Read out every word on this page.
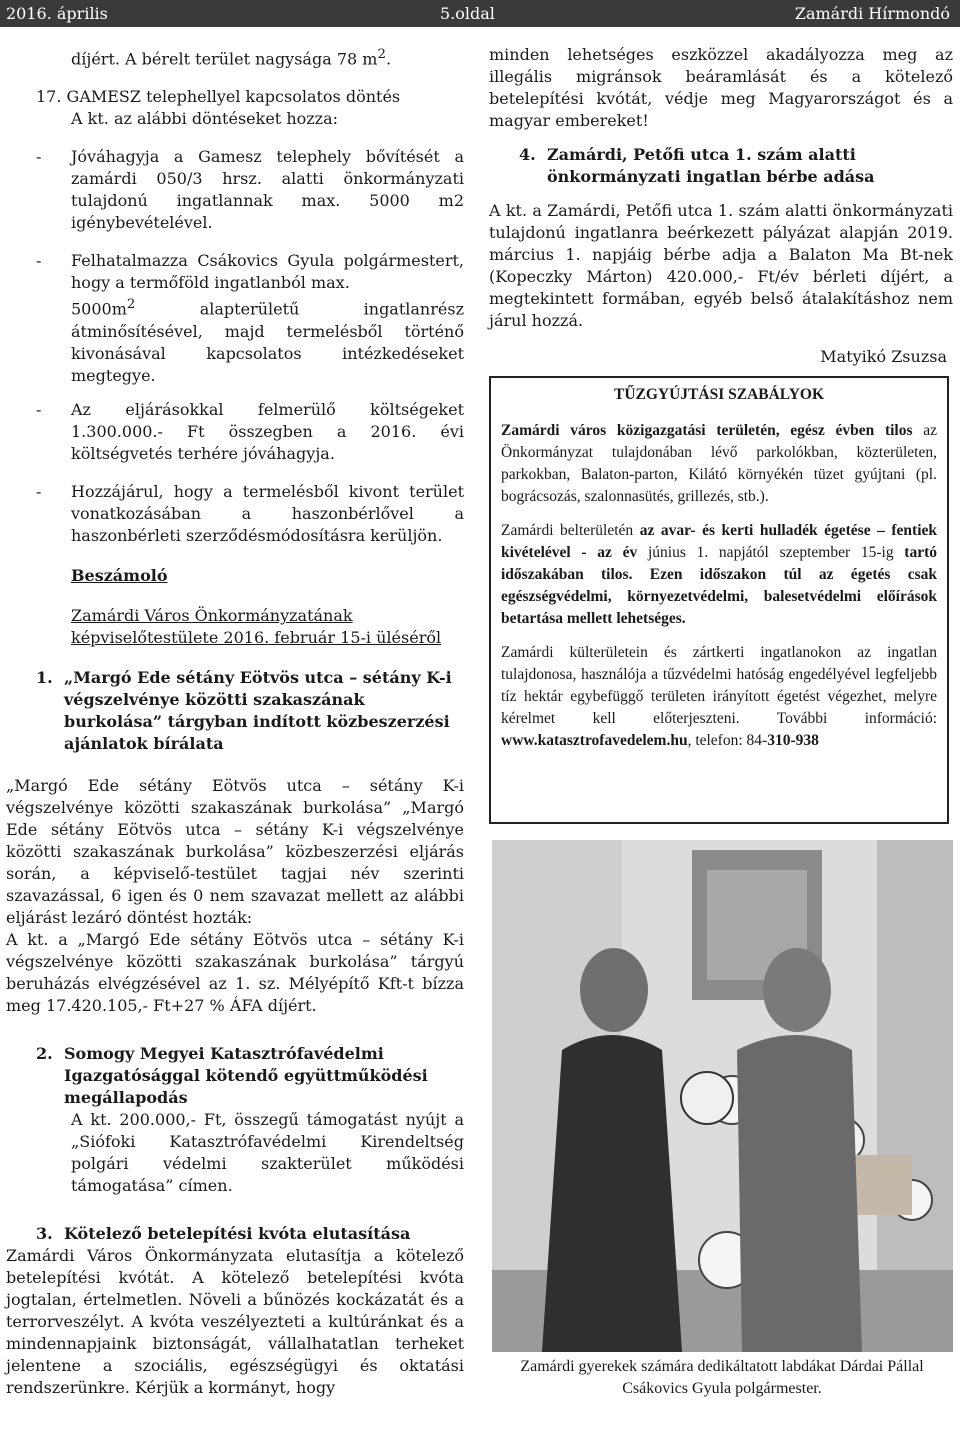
2016. április	5.oldal	Zamárdi Hírmondó

díjért. A bérelt terület nagysága 78 $m^2$.

17. GAMESZ telephellyel kapcsolatos döntés

A kt. az alábbi döntéseket hozza:

- Jóváhagyja a Gamesz telephely bővítését a zamárdi 050/3 hrsz. alatti önkormányzati tulajdonú ingatlannak max. 5000 m2 igénybevételével.
- Felhatalmazza Csákovics Gyula polgármestert, hogy a termőföld ingatlanból max.

$5000m^2$ alapterületű ingatlanrész átminősítésével, majd termelésből történő kivonásával kapcsolatos intézkedéseket megtegye.

- Az eljárásokkal felmerülő költségeket 1.300.000.- Ft összegben a 2016. évi költségvetés terhére jóváhagyja.
- Hozzájárul, hogy a termelésből kivont terület vonatkozásában a haszonbérlővel a haszonbérleti szerződésmódosításra kerüljön.

Beszámoló

Zamárdi Város Önkormányzatának képviselőtestülete 2016. február 15-i üléséről

1. „Margó Ede sétány Eötvös utca – sétány K-i végszelvénye közötti szakaszának burkolása” tárgyban indított közbeszerzési ajánlatok bírálata

„Margó Ede sétány Eötvös utca – sétány K-i végszelvénye közötti szakaszának burkolása” „Margó Ede sétány Eötvös utca – sétány K-i végszelvénye közötti szakaszának burkolása” közbeszerzési eljárás során, a képviselő-testület tagjai név szerinti szavazással, 6 igen és 0 nem szavazat mellett az alábbi eljárást lezáró döntést hozták:

A kt. a „Margó Ede sétány Eötvös utca – sétány K-i végszelvénye közötti szakaszának burkolása” tárgyú beruházás elvégzésével az 1. sz. Mélyépítő Kft-t bízza meg 17.420.105,- Ft+27 % ÁFA díjért.

2. Somogy Megyei Katasztrófavédelmi Igazgatósággal kötendő együttműködési megállapodás

A kt. 200.000,- Ft, összegű támogatást nyújt a „Siófoki Katasztrófavédelmi Kirendeltség polgári védelmi szakterület működési támogatása” címen.

3. Kötelező betelepítési kvóta elutasítása

Zamárdi Város Önkormányzata elutasítja a kötelező betelepítési kvótát. A kötelező betelepítési kvóta jogtalan, értelmetlen. Növeli a bűnözés kockázatát és a terrorveszélyt. A kvóta veszélyezteti a kultúránkat és a mindennapjaink biztonságát, vállalhatatlan terheket jelentene a szociális, egészségügyi és oktatási rendszerünkre. Kérjük a kormányt, hogy

minden lehetséges eszközzel akadályozza meg az illegális migránsok beáramlását és a kötelező betelepítési kvótát, védje meg Magyarországot és a magyar embereket!

4. Zamárdi, Petőfi utca 1. szám alatti önkormányzati ingatlan bérbe adása

A kt. a Zamárdi, Petőfi utca 1. szám alatti önkormányzati tulajdonú ingatlanra beérkezett pályázat alapján 2019. március 1. napjáig bérbe adja a Balaton Ma Bt-nek (Kopeczky Márton) 420.000,- Ft/év bérleti díjért, a megtekintett formában, egyéb belső átalakításhoz nem járul hozzá.

Matyikó Zsuzsa

TŰZGYÚJTÁSI SZABÁLYOK

Zamárdi város közigazgatási területén, egész évben tilos az Önkormányzat tulajdonában lévő parkolókban, közterületen, parkokban, Balaton-parton, Kilátó környékén tüzet gyújtani (pl. bográcsozás, szalonnasütés, grillezés, stb.).

Zamárdi belterületén az avar- és kerti hulladék égetése – fentiek kivételével - az év június 1. napjától szeptember 15-ig tartó időszakában tilos. Ezen időszakon túl az égetés csak egészségvédelmi, környezetvédelmi, balesetvédelmi előírások betartása mellett lehetséges.

Zamárdi külterületein és zártkerti ingatlanokon az ingatlan tulajdonosa, használója a tűzvédelmi hatóság engedélyével legfeljebb tíz hektár egybefüggő területen irányított égetést végezhet, melyre kérelmet kell előterjeszteni. További információ: www.katasztrofavedelem.hu, telefon: 84-310-938

Zamárdi gyerekek számára dedikáltatott labdákat Dárdai Pállal Csákovics Gyula polgármester.
